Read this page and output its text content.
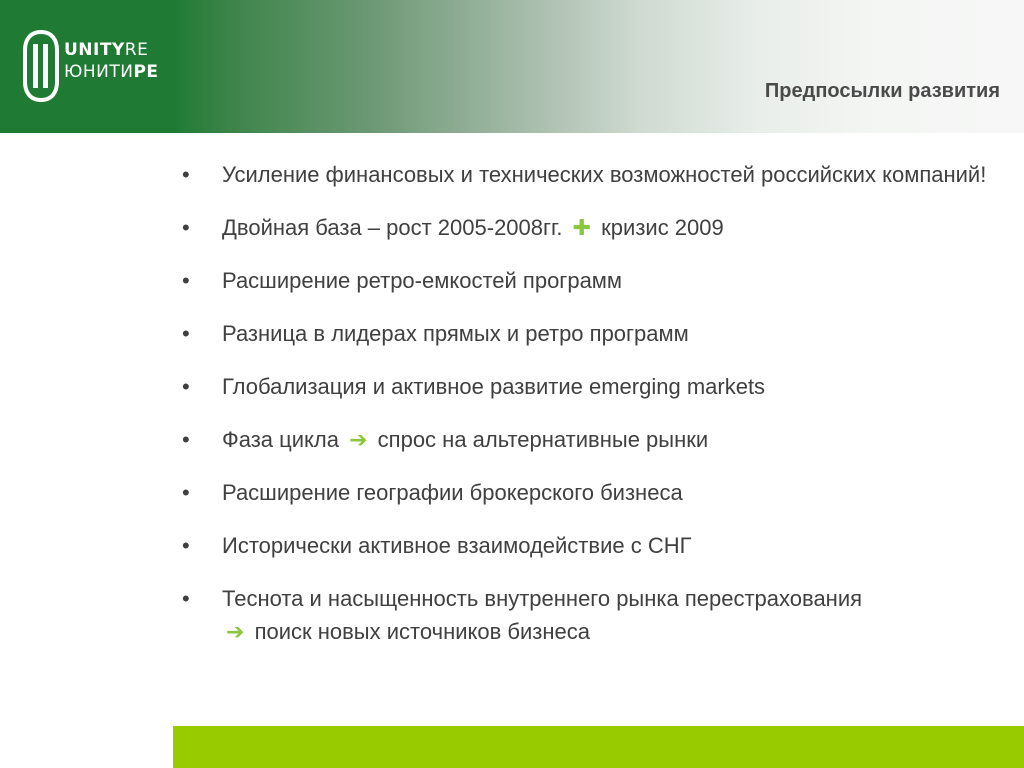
UNITYRE
ЮНИТИРЕ
Предпосылки развития
•	Усиление финансовых и технических возможностей российских компаний!
•	Двойная база – рост 2005-2008гг. ✚ кризис 2009
•	Расширение ретро-емкостей программ
•	Разница в лидерах прямых и ретро программ
•	Глобализация и активное развитие emerging markets
•	Фаза цикла ➔ спрос на альтернативные рынки
•	Расширение географии брокерского бизнеса
•	Исторически активное взаимодействие с СНГ
•	Теснота и насыщенность внутреннего рынка перестрахования
➔ поиск новых источников бизнеса
